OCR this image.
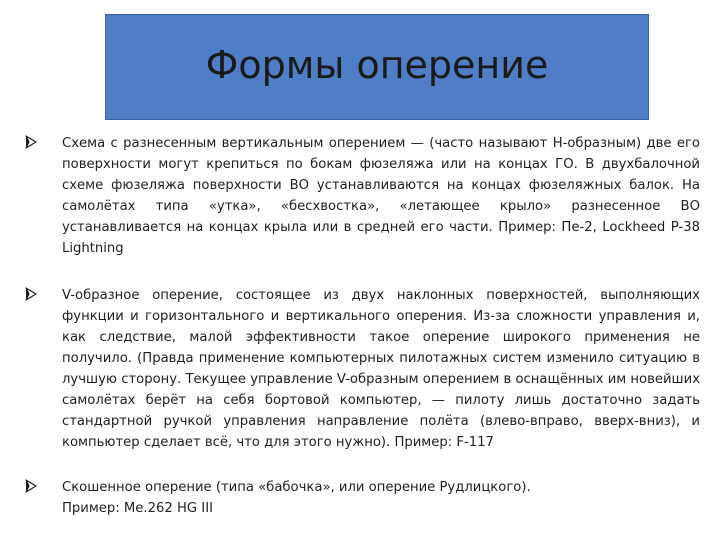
Формы оперение

Схема с разнесенным вертикальным оперением — (часто называют Н-образным) две его поверхности могут крепиться по бокам фюзеляжа или на концах ГО. В двухбалочной схеме фюзеляжа поверхности ВО устанавливаются на концах фюзеляжных балок. На самолётах типа «утка», «бесхвостка», «летающее крыло» разнесенное ВО устанавливается на концах крыла или в средней его части. Пример: Пе-2, Lockheed P-38 Lightning

V-образное оперение, состоящее из двух наклонных поверхностей, выполняющих функции и горизонтального и вертикального оперения. Из-за сложности управления и, как следствие, малой эффективности такое оперение широкого применения не получило. (Правда применение компьютерных пилотажных систем изменило ситуацию в лучшую сторону. Текущее управление V-образным оперением в оснащённых им новейших самолётах берёт на себя бортовой компьютер, — пилоту лишь достаточно задать стандартной ручкой управления направление полёта (влево-вправо, вверх-вниз), и компьютер сделает всё, что для этого нужно). Пример: F-117

Скошенное оперение (типа «бабочка», или оперение Рудлицкого).
Пример: Me.262 HG III
